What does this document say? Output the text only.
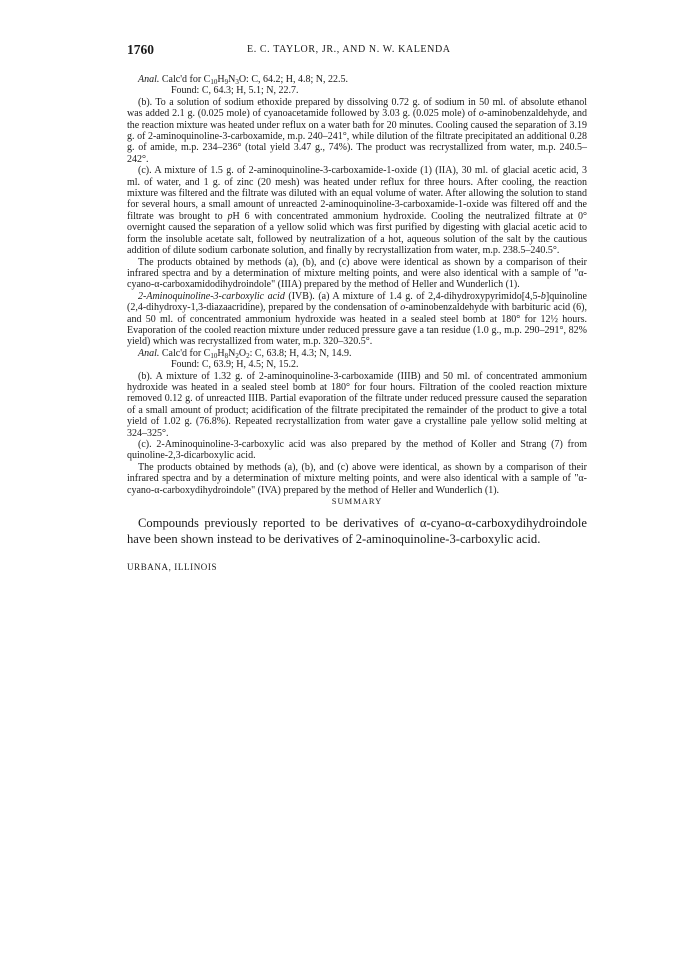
1760	E. C. TAYLOR, JR., AND N. W. KALENDA

Anal. Calc'd for $C_{10}H_9N_3O$: C, 64.2; H, 4.8; N, 22.5.

Found: C, 64.3; H, 5.1; N, 22.7.

(b). To a solution of sodium ethoxide prepared by dissolving 0.72 g. of sodium in 50 ml. of absolute ethanol was added 2.1 g. (0.025 mole) of cyanoacetamide followed by 3.03 g. (0.025 mole) of o-aminobenzaldehyde, and the reaction mixture was heated under reflux on a water bath for 20 minutes. Cooling caused the separation of 3.19 g. of 2-aminoquinoline-3-carboxamide, m.p. 240–241°, while dilution of the filtrate precipitated an additional 0.28 g. of amide, m.p. 234–236° (total yield 3.47 g., 74%). The product was recrystallized from water, m.p. 240.5–242°.

(c). A mixture of 1.5 g. of 2-aminoquinoline-3-carboxamide-1-oxide (1) (IIA), 30 ml. of glacial acetic acid, 3 ml. of water, and 1 g. of zinc (20 mesh) was heated under reflux for three hours. After cooling, the reaction mixture was filtered and the filtrate was diluted with an equal volume of water. After allowing the solution to stand for several hours, a small amount of unreacted 2-aminoquinoline-3-carboxamide-1-oxide was filtered off and the filtrate was brought to pH 6 with concentrated ammonium hydroxide. Cooling the neutralized filtrate at 0° overnight caused the separation of a yellow solid which was first purified by digesting with glacial acetic acid to form the insoluble acetate salt, followed by neutralization of a hot, aqueous solution of the salt by the cautious addition of dilute sodium carbonate solution, and finally by recrystallization from water, m.p. 238.5–240.5°.

The products obtained by methods (a), (b), and (c) above were identical as shown by a comparison of their infrared spectra and by a determination of mixture melting points, and were also identical with a sample of "α-cyano-α-carboxamidodihydroindole" (IIIA) prepared by the method of Heller and Wunderlich (1).

2-Aminoquinoline-3-carboxylic acid (IVB). (a) A mixture of 1.4 g. of 2,4-dihydroxypyrimido[4,5-b]quinoline (2,4-dihydroxy-1,3-diazaacridine), prepared by the condensation of o-aminobenzaldehyde with barbituric acid (6), and 50 ml. of concentrated ammonium hydroxide was heated in a sealed steel bomb at 180° for 12½ hours. Evaporation of the cooled reaction mixture under reduced pressure gave a tan residue (1.0 g., m.p. 290–291°, 82% yield) which was recrystallized from water, m.p. 320–320.5°.

Anal. Calc'd for $C_{10}H_8N_2O_2$: C, 63.8; H, 4.3; N, 14.9.

Found: C, 63.9; H, 4.5; N, 15.2.

(b). A mixture of 1.32 g. of 2-aminoquinoline-3-carboxamide (IIIB) and 50 ml. of concentrated ammonium hydroxide was heated in a sealed steel bomb at 180° for four hours. Filtration of the cooled reaction mixture removed 0.12 g. of unreacted IIIB. Partial evaporation of the filtrate under reduced pressure caused the separation of a small amount of product; acidification of the filtrate precipitated the remainder of the product to give a total yield of 1.02 g. (76.8%). Repeated recrystallization from water gave a crystalline pale yellow solid melting at 324–325°.

(c). 2-Aminoquinoline-3-carboxylic acid was also prepared by the method of Koller and Strang (7) from quinoline-2,3-dicarboxylic acid.

The products obtained by methods (a), (b), and (c) above were identical, as shown by a comparison of their infrared spectra and by a determination of mixture melting points, and were also identical with a sample of "α-cyano-α-carboxydihydroindole" (IVA) prepared by the method of Heller and Wunderlich (1).

SUMMARY

Compounds previously reported to be derivatives of α-cyano-α-carboxydihydroindole have been shown instead to be derivatives of 2-aminoquinoline-3-carboxylic acid.

URBANA, ILLINOIS
